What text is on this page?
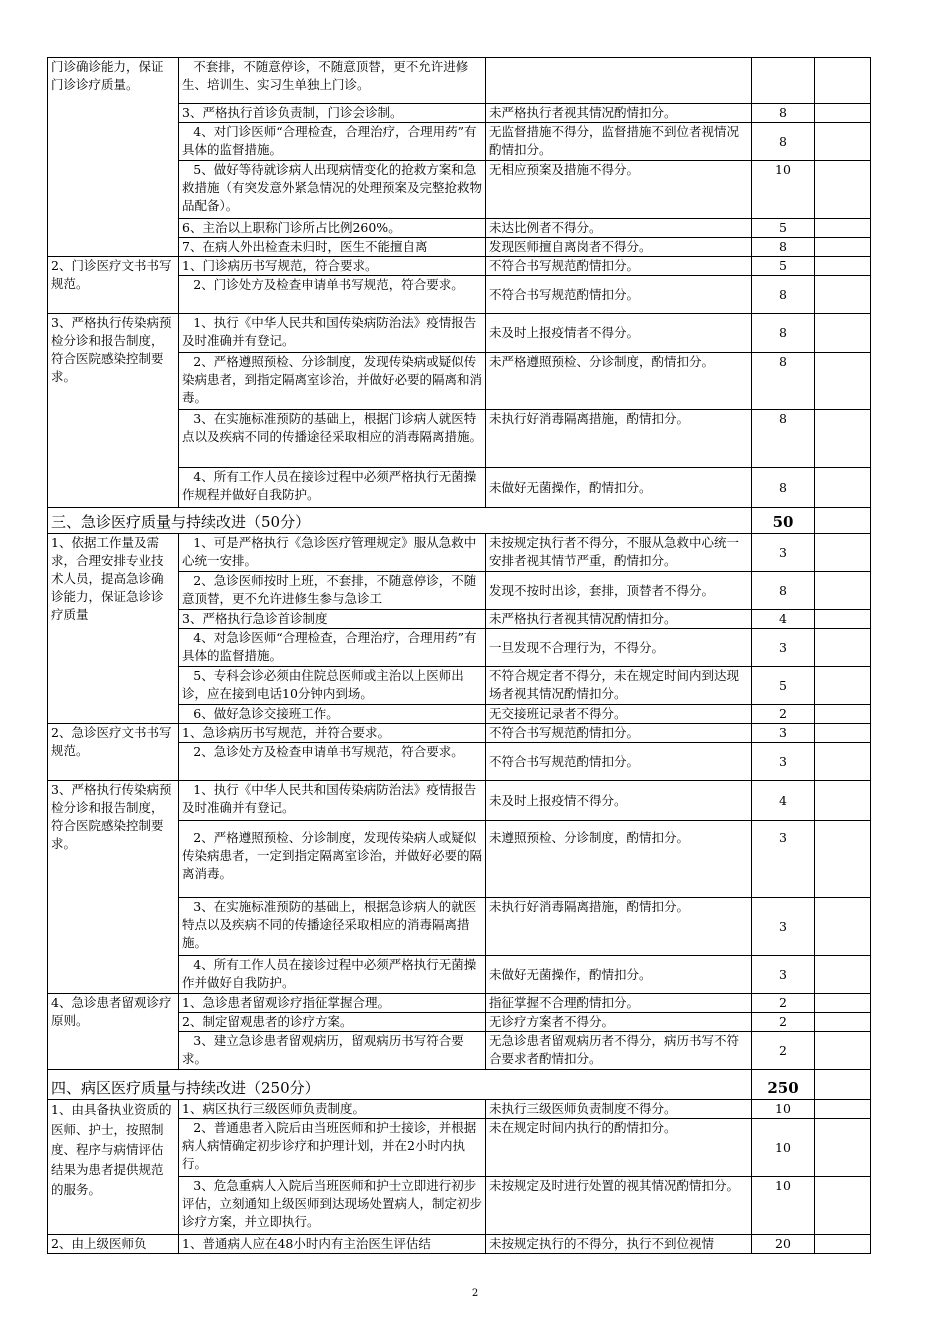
门诊确诊能力，保证门诊诊疗质量。	不套排，不随意停诊，不随意顶替，更不允许进修生、培训生、实习生单独上门诊。			
	3、严格执行首诊负责制，门诊会诊制。	未严格执行者视其情况酌情扣分。	8	
	4、对门诊医师“合理检查，合理治疗，合理用药”有具体的监督措施。	无监督措施不得分，监督措施不到位者视情况酌情扣分。	8	
	5、做好等待就诊病人出现病情变化的抢救方案和急救措施（有突发意外紧急情况的处理预案及完整抢救物品配备）。	无相应预案及措施不得分。	10	
	6、主治以上职称门诊所占比例260%。	未达比例者不得分。	5	
	7、在病人外出检查未归时，医生不能擅自离	发现医师擅自离岗者不得分。	8	
2、门诊医疗文书书写规范。	1、门诊病历书写规范，符合要求。	不符合书写规范酌情扣分。	5	
	2、门诊处方及检查申请单书写规范，符合要求。	不符合书写规范酌情扣分。	8	
3、严格执行传染病预检分诊和报告制度，符合医院感染控制要求。	1、执行《中华人民共和国传染病防治法》疫情报告及时准确并有登记。	未及时上报疫情者不得分。	8	
	2、严格遵照预检、分诊制度，发现传染病或疑似传染病患者，到指定隔离室诊治，并做好必要的隔离和消毒。	未严格遵照预检、分诊制度，酌情扣分。	8	
	3、在实施标准预防的基础上，根据门诊病人就医特点以及疾病不同的传播途径采取相应的消毒隔离措施。	未执行好消毒隔离措施，酌情扣分。	8	
	4、所有工作人员在接诊过程中必须严格执行无菌操作规程并做好自我防护。	未做好无菌操作，酌情扣分。	8	
三、急诊医疗质量与持续改进（50分）			50	
1、依据工作量及需求，合理安排专业技术人员，提高急诊确诊能力，保证急诊诊疗质量	1、可是严格执行《急诊医疗管理规定》服从急救中心统一安排。	未按规定执行者不得分，不服从急救中心统一安排者视其情节严重，酌情扣分。	3	
	2、急诊医师按时上班，不套排，不随意停诊，不随意顶替，更不允许进修生参与急诊工	发现不按时出诊，套排，顶替者不得分。	8	
	3、严格执行急诊首诊制度	未严格执行者视其情况酌情扣分。	4	
	4、对急诊医师“合理检查，合理治疗，合理用药”有具体的监督措施。	一旦发现不合理行为，不得分。	3	
	5、专科会诊必须由住院总医师或主治以上医师出诊，应在接到电话10分钟内到场。	不符合规定者不得分，未在规定时间内到达现场者视其情况酌情扣分。	5	
	6、做好急诊交接班工作。	无交接班记录者不得分。	2	
2、急诊医疗文书书写规范。	1、急诊病历书写规范，并符合要求。	不符合书写规范酌情扣分。	3	
	2、急诊处方及检查申请单书写规范，符合要求。	不符合书写规范酌情扣分。	3	
3、严格执行传染病预检分诊和报告制度，符合医院感染控制要求。	1、执行《中华人民共和国传染病防治法》疫情报告及时准确并有登记。	未及时上报疫情不得分。	4	
	2、严格遵照预检、分诊制度，发现传染病人或疑似传染病患者，一定到指定隔离室诊治，并做好必要的隔离消毒。	未遵照预检、分诊制度，酌情扣分。	3	
	3、在实施标准预防的基础上，根据急诊病人的就医特点以及疾病不同的传播途径采取相应的消毒隔离措施。	未执行好消毒隔离措施，酌情扣分。	3	
	4、所有工作人员在接诊过程中必须严格执行无菌操作并做好自我防护。	未做好无菌操作，酌情扣分。	3	
4、急诊患者留观诊疗原则。	1、急诊患者留观诊疗指征掌握合理。	指征掌握不合理酌情扣分。	2	
	2、制定留观患者的诊疗方案。	无诊疗方案者不得分。	2	
	3、建立急诊患者留观病历，留观病历书写符合要求。	无急诊患者留观病历者不得分，病历书写不符合要求者酌情扣分。	2	
四、病区医疗质量与持续改进（250分）			250	
1、由具备执业资质的医师、护士，按照制度、程序与病情评估结果为患者提供规范的服务。	1、病区执行三级医师负责制度。	未执行三级医师负责制度不得分。	10	
	2、普通患者入院后由当班医师和护士接诊，并根据病人病情确定初步诊疗和护理计划，并在2小时内执行。	未在规定时间内执行的酌情扣分。	10	
	3、危急重病人入院后当班医师和护士立即进行初步评估，立刻通知上级医师到达现场处置病人，制定初步诊疗方案，并立即执行。	未按规定及时进行处置的视其情况酌情扣分。	10	
2、由上级医师负	1、普通病人应在48小时内有主治医生评估结	未按规定执行的不得分，执行不到位视情	20	
2
